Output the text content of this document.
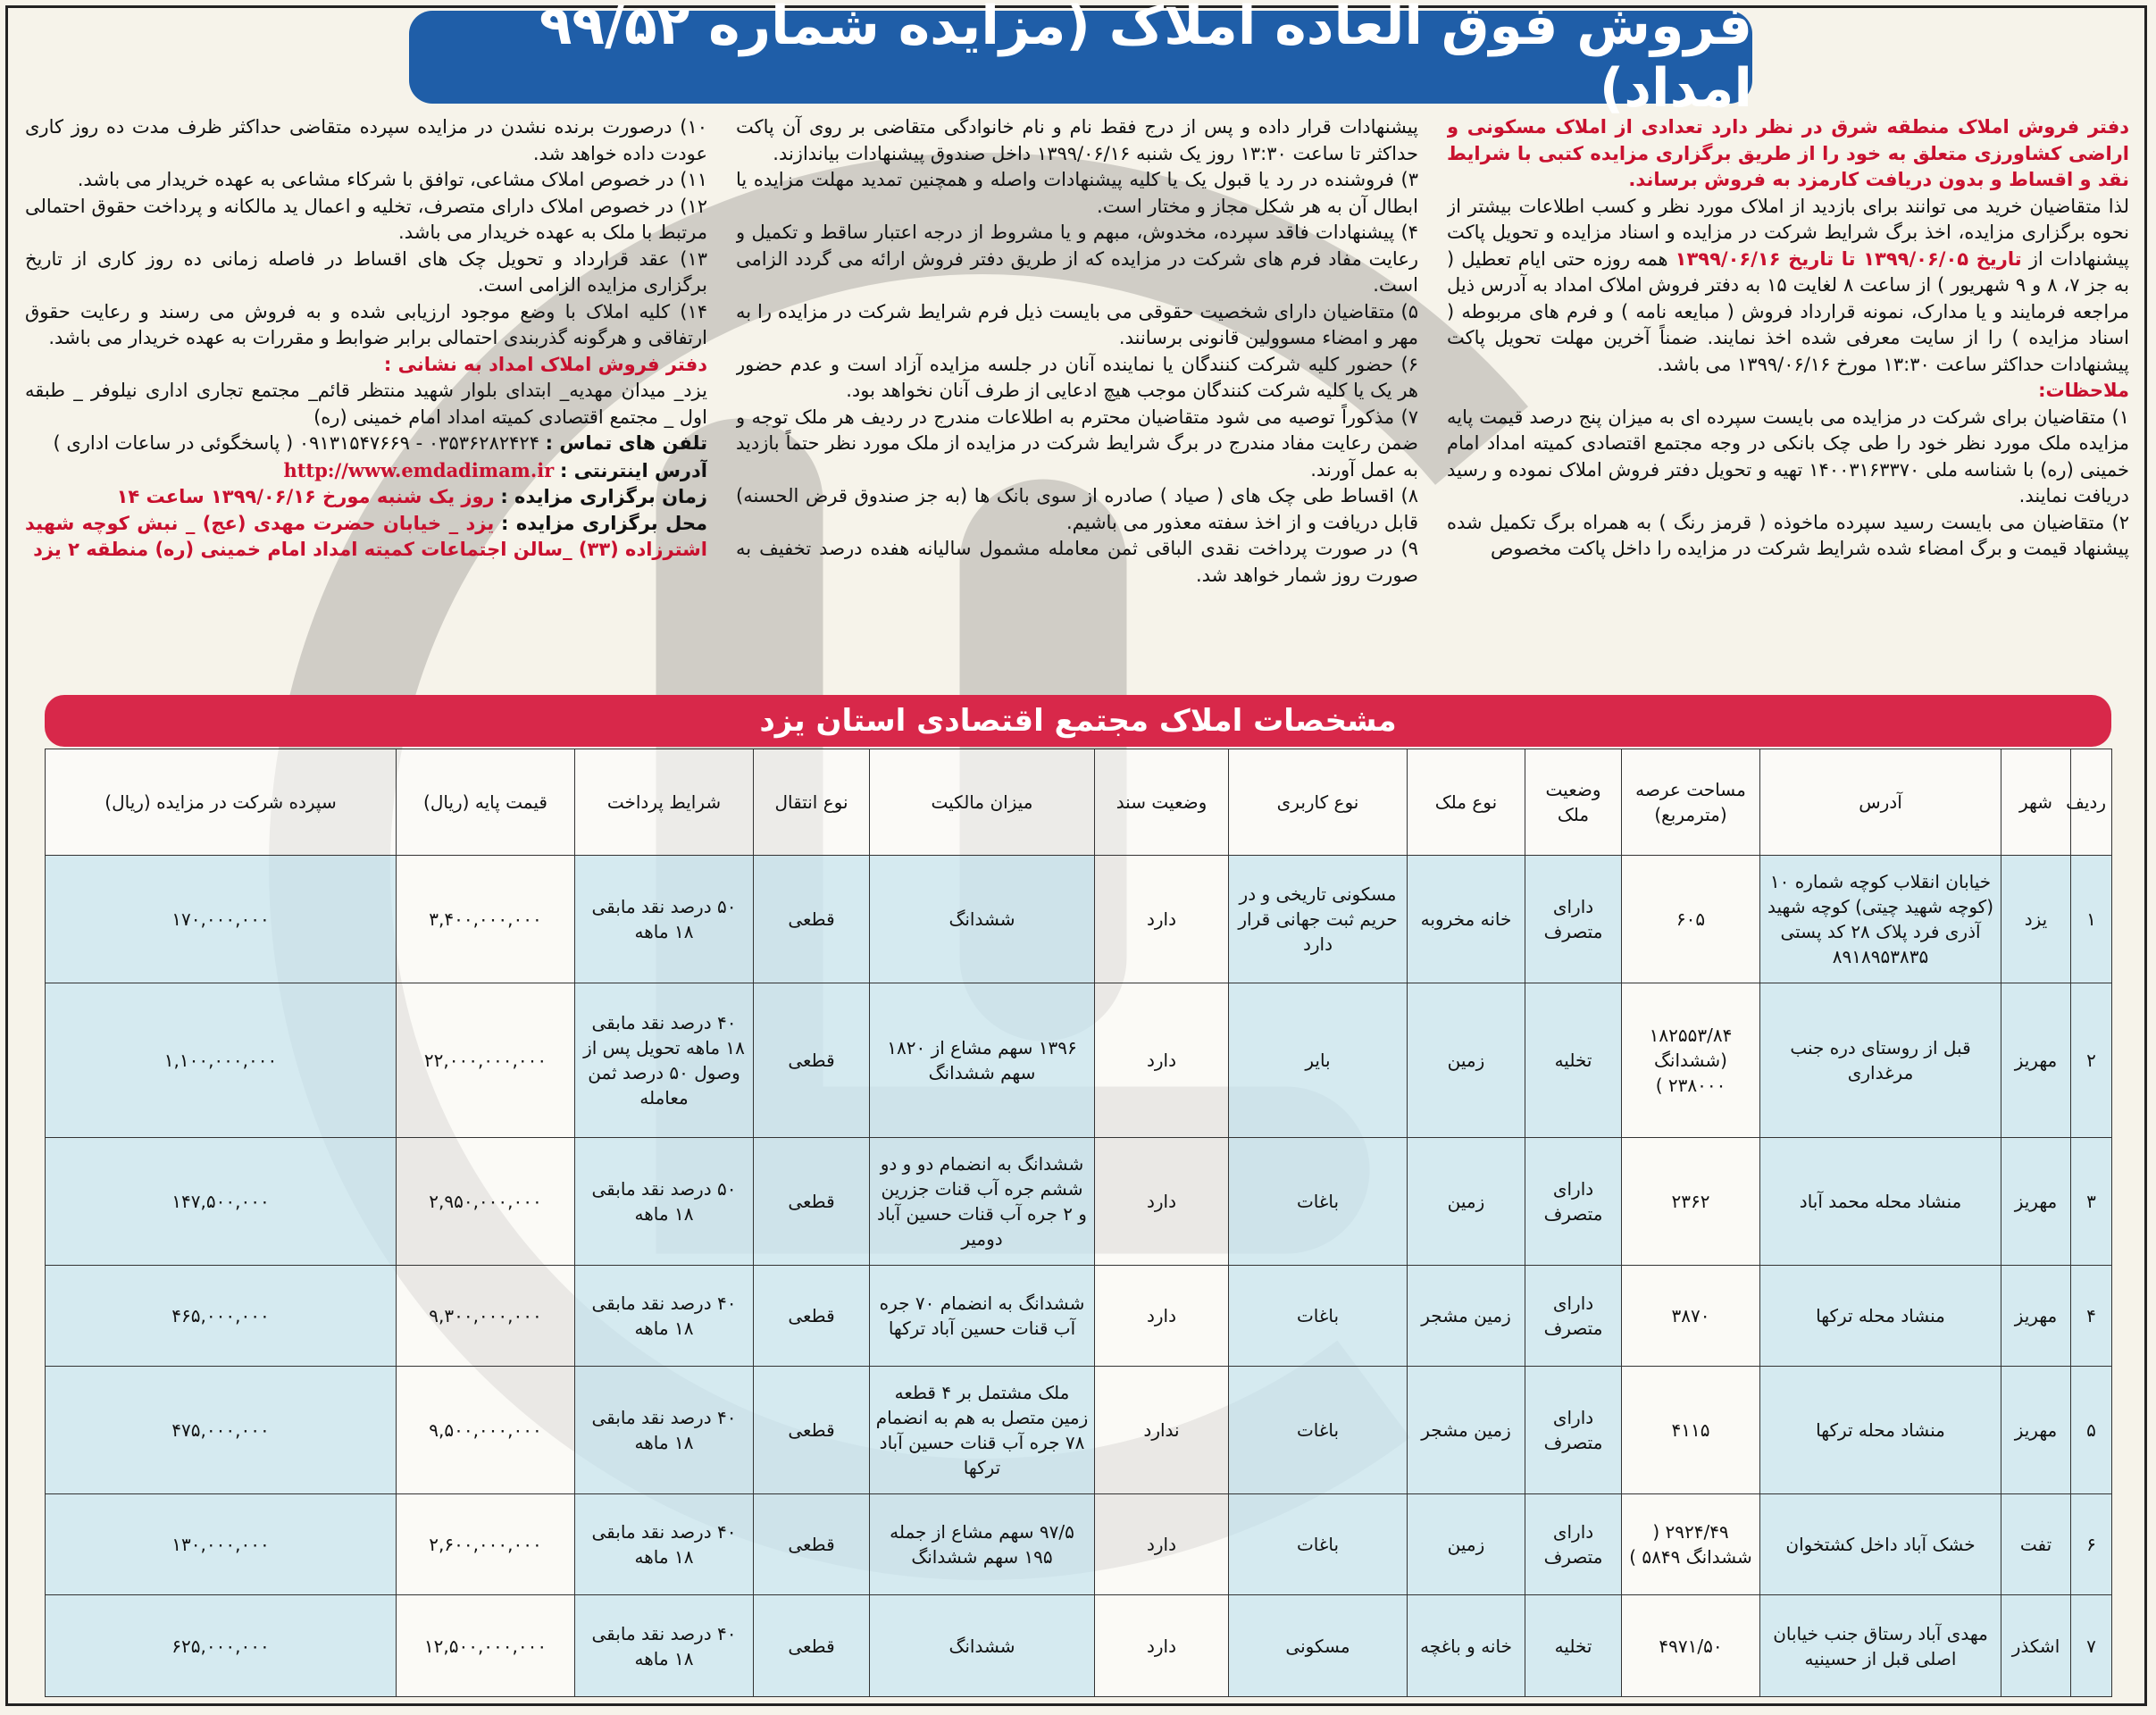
فروش فوق العاده املاک (مزایده شماره ۹۹/۵۲ امداد)

دفتر فروش املاک منطقه شرق در نظر دارد تعدادی از املاک مسکونی و اراضی کشاورزی متعلق به خود را از طریق برگزاری مزایده کتبی با شرایط نقد و اقساط و بدون دریافت کارمزد به فروش برساند.

لذا متقاضیان خرید می توانند برای بازدید از املاک مورد نظر و کسب اطلاعات بیشتر از نحوه برگزاری مزایده، اخذ برگ شرایط شرکت در مزایده و اسناد مزایده و تحویل پاکت پیشنهادات از تاریخ ۱۳۹۹/۰۶/۰۵ تا تاریخ ۱۳۹۹/۰۶/۱۶ همه روزه حتی ایام تعطیل ( به جز ۷، ۸ و ۹ شهریور ) از ساعت ۸ لغایت ۱۵ به دفتر فروش املاک امداد به آدرس ذیل مراجعه فرمایند و یا مدارک، نمونه قرارداد فروش ( مبایعه نامه ) و فرم های مربوطه ( اسناد مزایده ) را از سایت معرفی شده اخذ نمایند. ضمناً آخرین مهلت تحویل پاکت پیشنهادات حداکثر ساعت ۱۳:۳۰ مورخ ۱۳۹۹/۰۶/۱۶ می باشد.

ملاحظات:

۱) متقاضیان برای شرکت در مزایده می بایست سپرده ای به میزان پنج درصد قیمت پایه مزایده ملک مورد نظر خود را طی چک بانکی در وجه مجتمع اقتصادی کمیته امداد امام خمینی (ره) با شناسه ملی ۱۴۰۰۳۱۶۳۳۷۰ تهیه و تحویل دفتر فروش املاک نموده و رسید دریافت نمایند.

۲) متقاضیان می بایست رسید سپرده ماخوذه ( قرمز رنگ ) به همراه برگ تکمیل شده پیشنهاد قیمت و برگ امضاء شده شرایط شرکت در مزایده را داخل پاکت مخصوص

پیشنهادات قرار داده و پس از درج فقط نام و نام خانوادگی متقاضی بر روی آن پاکت حداکثر تا ساعت ۱۳:۳۰ روز یک شنبه ۱۳۹۹/۰۶/۱۶ داخل صندوق پیشنهادات بیاندازند.

۳) فروشنده در رد یا قبول یک یا کلیه پیشنهادات واصله و همچنین تمدید مهلت مزایده یا ابطال آن به هر شکل مجاز و مختار است.

۴) پیشنهادات فاقد سپرده، مخدوش، مبهم و یا مشروط از درجه اعتبار ساقط و تکمیل و رعایت مفاد فرم های شرکت در مزایده که از طریق دفتر فروش ارائه می گردد الزامی است.

۵) متقاضیان دارای شخصیت حقوقی می بایست ذیل فرم شرایط شرکت در مزایده را به مهر و امضاء مسوولین قانونی برسانند.

۶) حضور کلیه شرکت کنندگان یا نماینده آنان در جلسه مزایده آزاد است و عدم حضور هر یک یا کلیه شرکت کنندگان موجب هیچ ادعایی از طرف آنان نخواهد بود.

۷) مذکوراً توصیه می شود متقاضیان محترم به اطلاعات مندرج در ردیف هر ملک توجه و ضمن رعایت مفاد مندرج در برگ شرایط شرکت در مزایده از ملک مورد نظر حتماً بازدید به عمل آورند.

۸) اقساط طی چک های ( صیاد ) صادره از سوی بانک ها (به جز صندوق قرض الحسنه) قابل دریافت و از اخذ سفته معذور می باشیم.

۹) در صورت پرداخت نقدی الباقی ثمن معامله مشمول سالیانه هفده درصد تخفیف به صورت روز شمار خواهد شد.

۱۰) درصورت برنده نشدن در مزایده سپرده متقاضی حداکثر ظرف مدت ده روز کاری عودت داده خواهد شد.

۱۱) در خصوص املاک مشاعی، توافق با شرکاء مشاعی به عهده خریدار می باشد.

۱۲) در خصوص املاک دارای متصرف، تخلیه و اعمال ید مالکانه و پرداخت حقوق احتمالی مرتبط با ملک به عهده خریدار می باشد.

۱۳) عقد قرارداد و تحویل چک های اقساط در فاصله زمانی ده روز کاری از تاریخ برگزاری مزایده الزامی است.

۱۴) کلیه املاک با وضع موجود ارزیابی شده و به فروش می رسند و رعایت حقوق ارتفاقی و هرگونه گذربندی احتمالی برابر ضوابط و مقررات به عهده خریدار می باشد.

دفتر فروش املاک امداد به نشانی :

یزد_ میدان مهدیه_ ابتدای بلوار شهید منتظر قائم_ مجتمع تجاری اداری نیلوفر _ طبقه اول _ مجتمع اقتصادی کمیته امداد امام خمینی (ره)

تلفن های تماس : ۰۳۵۳۶۲۸۲۴۲۴ - ۰۹۱۳۱۵۴۷۶۶۹ ( پاسخگوئی در ساعات اداری )

آدرس اینترنتی : http://www.emdadimam.ir

زمان برگزاری مزایده : روز یک شنبه مورخ ۱۳۹۹/۰۶/۱۶ ساعت ۱۴

محل برگزاری مزایده : یزد _ خیابان حضرت مهدی (عج) _ نبش کوچه شهید اشترزاده (۳۳) _سالن اجتماعات کمیته امداد امام خمینی (ره) منطقه ۲ یزد

مشخصات املاک مجتمع اقتصادی استان یزد
ردیف	شهر	آدرس	مساحت عرصه (مترمربع)	وضعیت ملک	نوع ملک	نوع کاربری	وضعیت سند	میزان مالکیت	نوع انتقال	شرایط پرداخت	قیمت پایه (ریال)	سپرده شرکت در مزایده (ریال)
۱	یزد	خیابان انقلاب کوچه شماره ۱۰ (کوچه شهید چیتی) کوچه شهید آذری فرد پلاک ۲۸ کد پستی ۸۹۱۸۹۵۳۸۳۵	۶۰۵	دارای متصرف	خانه مخروبه	مسکونی تاریخی و در حریم ثبت جهانی قرار دارد	دارد	ششدانگ	قطعی	۵۰ درصد نقد مابقی ۱۸ ماهه	۳,۴۰۰,۰۰۰,۰۰۰	۱۷۰,۰۰۰,۰۰۰
۲	مهریز	قبل از روستای دره جنب مرغداری	۱۸۲۵۵۳/۸۴ (ششدانگ ۲۳۸۰۰۰ )	تخلیه	زمین	بایر	دارد	۱۳۹۶ سهم مشاع از ۱۸۲۰ سهم ششدانگ	قطعی	۴۰ درصد نقد مابقی ۱۸ ماهه تحویل پس از وصول ۵۰ درصد ثمن معامله	۲۲,۰۰۰,۰۰۰,۰۰۰	۱,۱۰۰,۰۰۰,۰۰۰
۳	مهریز	منشاد محله محمد آباد	۲۳۶۲	دارای متصرف	زمین	باغات	دارد	ششدانگ به انضمام دو و دو ششم جره آب قنات جزرین و ۲ جره آب قنات حسین آباد دومیر	قطعی	۵۰ درصد نقد مابقی ۱۸ ماهه	۲,۹۵۰,۰۰۰,۰۰۰	۱۴۷,۵۰۰,۰۰۰
۴	مهریز	منشاد محله ترکها	۳۸۷۰	دارای متصرف	زمین مشجر	باغات	دارد	ششدانگ به انضمام ۷۰ جره آب قنات حسین آباد ترکها	قطعی	۴۰ درصد نقد مابقی ۱۸ ماهه	۹,۳۰۰,۰۰۰,۰۰۰	۴۶۵,۰۰۰,۰۰۰
۵	مهریز	منشاد محله ترکها	۴۱۱۵	دارای متصرف	زمین مشجر	باغات	ندارد	ملک مشتمل بر ۴ قطعه زمین متصل به هم به انضمام ۷۸ جره آب قنات حسین آباد ترکها	قطعی	۴۰ درصد نقد مابقی ۱۸ ماهه	۹,۵۰۰,۰۰۰,۰۰۰	۴۷۵,۰۰۰,۰۰۰
۶	تفت	خشک آباد داخل کشتخوان	۲۹۲۴/۴۹ ( ششدانگ ۵۸۴۹ )	دارای متصرف	زمین	باغات	دارد	۹۷/۵ سهم مشاع از جمله ۱۹۵ سهم ششدانگ	قطعی	۴۰ درصد نقد مابقی ۱۸ ماهه	۲,۶۰۰,۰۰۰,۰۰۰	۱۳۰,۰۰۰,۰۰۰
۷	اشکذر	مهدی آباد رستاق جنب خیابان اصلی قبل از حسینیه	۴۹۷۱/۵۰	تخلیه	خانه و باغچه	مسکونی	دارد	ششدانگ	قطعی	۴۰ درصد نقد مابقی ۱۸ ماهه	۱۲,۵۰۰,۰۰۰,۰۰۰	۶۲۵,۰۰۰,۰۰۰
